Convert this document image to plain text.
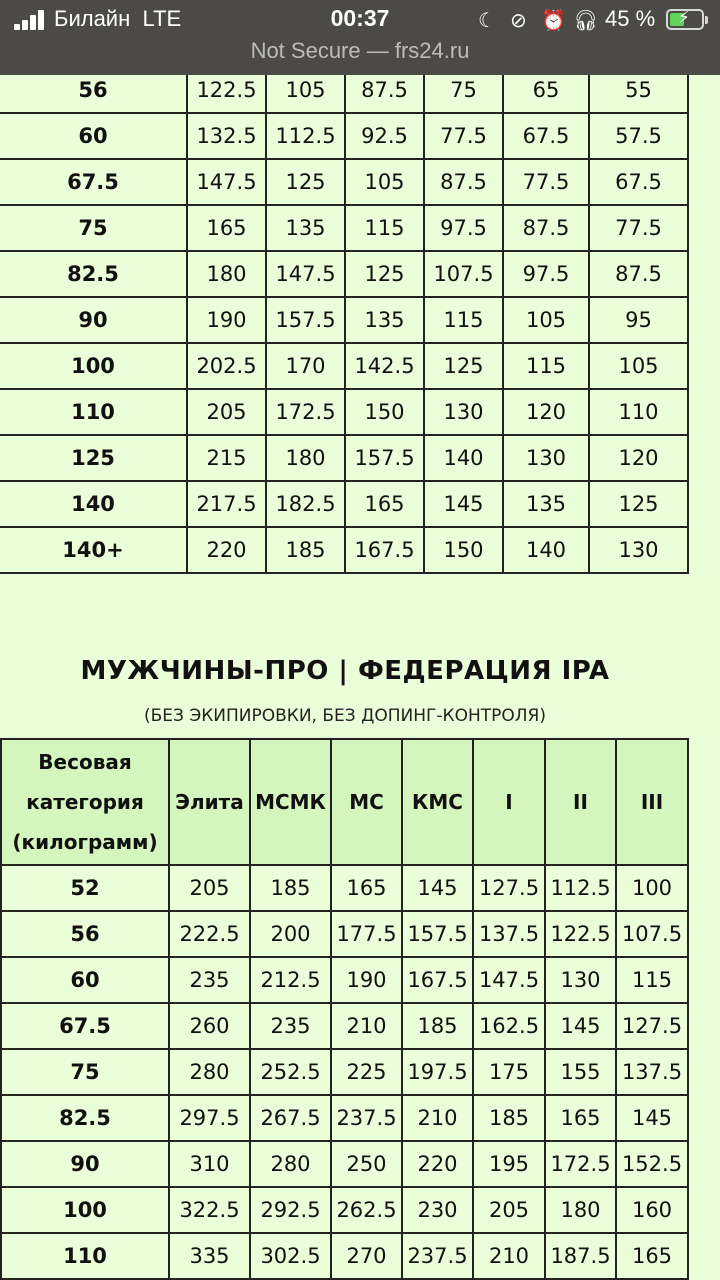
Билайн LTE	00:37	☾ ⊘ ⏰ 🎧︎ 45 % ⚡︎
Not Secure — frs24.ru
56	122.5	105	87.5	75	65	55
60	132.5	112.5	92.5	77.5	67.5	57.5
67.5	147.5	125	105	87.5	77.5	67.5
75	165	135	115	97.5	87.5	77.5
82.5	180	147.5	125	107.5	97.5	87.5
90	190	157.5	135	115	105	95
100	202.5	170	142.5	125	115	105
110	205	172.5	150	130	120	110
125	215	180	157.5	140	130	120
140	217.5	182.5	165	145	135	125
140+	220	185	167.5	150	140	130
МУЖЧИНЫ-ПРО | ФЕДЕРАЦИЯ IPA
(БЕЗ ЭКИПИРОВКИ, БЕЗ ДОПИНГ-КОНТРОЛЯ)
Весовая
категория
(килограмм)	Элита	МСМК	МС	КМС	I	II	III
52	205	185	165	145	127.5	112.5	100
56	222.5	200	177.5	157.5	137.5	122.5	107.5
60	235	212.5	190	167.5	147.5	130	115
67.5	260	235	210	185	162.5	145	127.5
75	280	252.5	225	197.5	175	155	137.5
82.5	297.5	267.5	237.5	210	185	165	145
90	310	280	250	220	195	172.5	152.5
100	322.5	292.5	262.5	230	205	180	160
110	335	302.5	270	237.5	210	187.5	165
